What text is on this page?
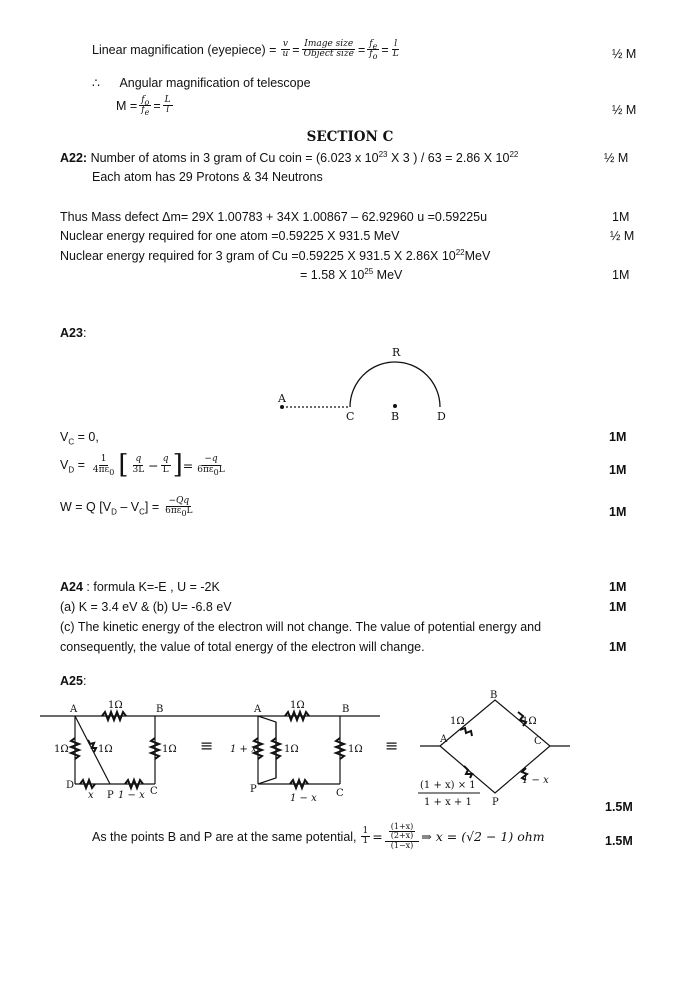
Linear magnification (eyepiece) = $\frac{v}{u} = \frac{\text{Image size}}{\text{Object size}} = \frac{f_e}{f_o} = \frac{l}{L}$	½ M
∴ Angular magnification of telescope
$M = \frac{f_o}{f_e} = \frac{L}{l}$	½ M
SECTION C
A22: Number of atoms in 3 gram of Cu coin = (6.023 x $10^{23}$ X 3 ) / 63 = 2.86 X $10^{22}$	½ M
Each atom has 29 Protons & 34 Neutrons
Thus Mass defect Δm= 29X 1.00783 + 34X 1.00867 – 62.92960 u =0.59225u	1M
Nuclear energy required for one atom =0.59225 X 931.5 MeV	½ M
Nuclear energy required for 3 gram of Cu =0.59225 X 931.5 X 2.86X $10^{22}MeV$
= 1.58 X $10^{25}$ MeV	1M
A23:
R
A
C	B	D
$V_C = 0$,	1M
$V_D = \frac{1}{4\pi\varepsilon_0}$ [ $\frac{q}{3L} - \frac{q}{L}$ ] = $\frac{-q}{6\pi\varepsilon_0L}$	1M
W = Q $[V_D - V_C] = \frac{-Qq}{6\pi\varepsilon_0L}$	1M
A24 : formula K=-E , U = -2K	1M
(a) K = 3.4 eV & (b) U= -6.8 eV	1M
(c) The kinetic energy of the electron will not change. The value of potential energy and
consequently, the value of total energy of the electron will change.	1M
A25:
A	1Ω	B
1Ω	1Ω	1Ω
D
x P 1 − x C
≡
A	1Ω	B
1 + x	1Ω	1Ω
P
1 − x C
≡
B
1Ω	1Ω
A	C
1 − x
(1 + x) × 1
1 + x + 1 P	1.5M
As the points B and P are at the same potential, $\frac{1}{1} = \frac{\frac{(1+x)}{(2+x)}}{(1-x)}$ ⇒ x = (√2 − 1) ohm	1.5M
